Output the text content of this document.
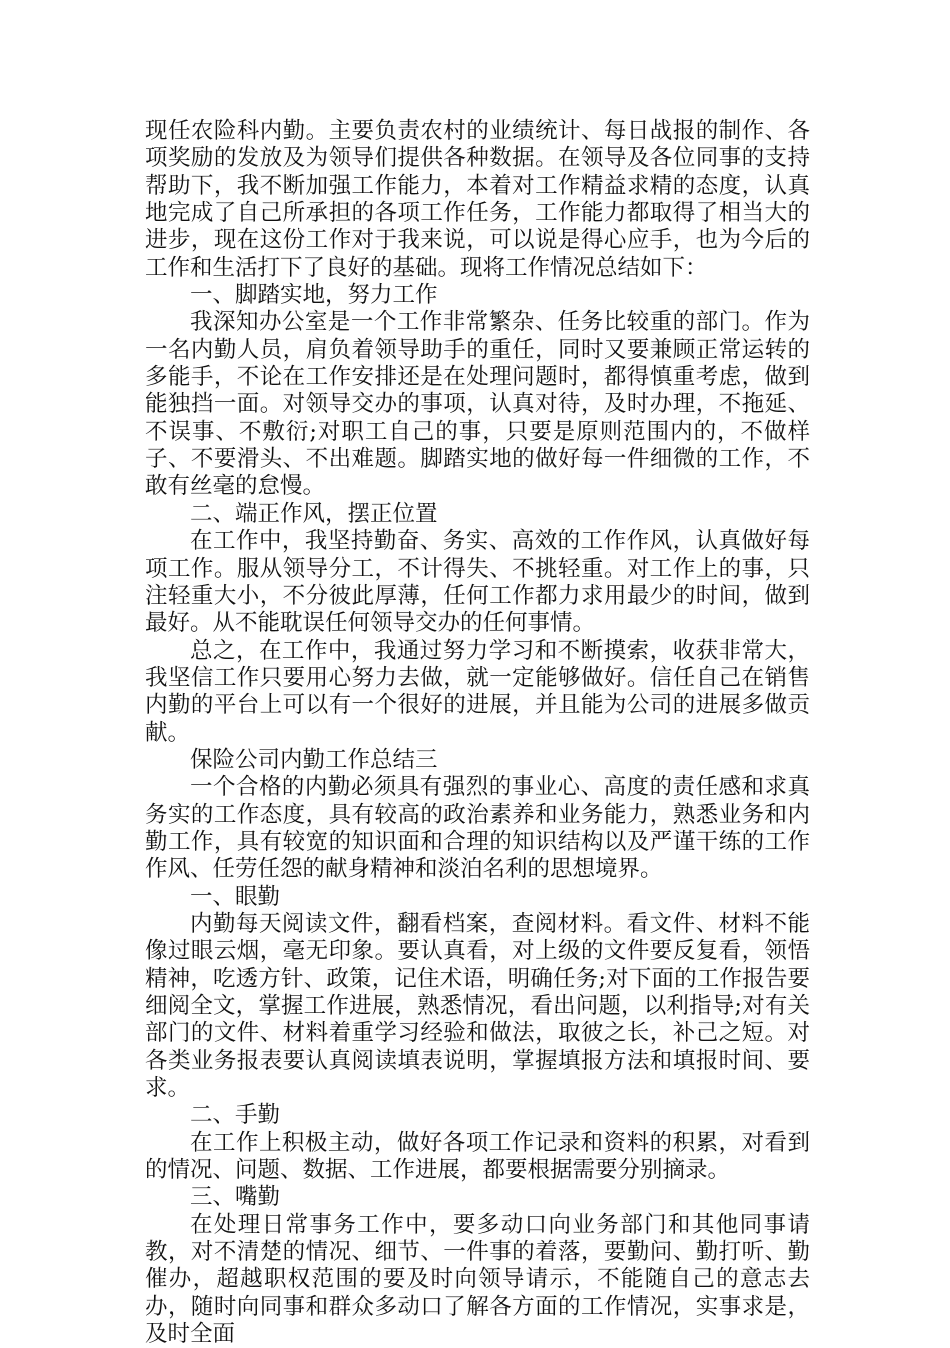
现任农险科内勤。主要负责农村的业绩统计、每日战报的制作、各项奖励的发放及为领导们提供各种数据。在领导及各位同事的支持帮助下，我不断加强工作能力，本着对工作精益求精的态度，认真地完成了自己所承担的各项工作任务，工作能力都取得了相当大的进步，现在这份工作对于我来说，可以说是得心应手，也为今后的工作和生活打下了良好的基础。现将工作情况总结如下：

一、脚踏实地，努力工作

我深知办公室是一个工作非常繁杂、任务比较重的部门。作为一名内勤人员，肩负着领导助手的重任，同时又要兼顾正常运转的多能手，不论在工作安排还是在处理问题时，都得慎重考虑，做到能独挡一面。对领导交办的事项，认真对待，及时办理，不拖延、不误事、不敷衍;对职工自己的事，只要是原则范围内的，不做样子、不要滑头、不出难题。脚踏实地的做好每一件细微的工作，不敢有丝毫的怠慢。

二、端正作风，摆正位置

在工作中，我坚持勤奋、务实、高效的工作作风，认真做好每项工作。服从领导分工，不计得失、不挑轻重。对工作上的事，只注轻重大小，不分彼此厚薄，任何工作都力求用最少的时间，做到最好。从不能耽误任何领导交办的任何事情。

总之，在工作中，我通过努力学习和不断摸索，收获非常大，我坚信工作只要用心努力去做，就一定能够做好。信任自己在销售内勤的平台上可以有一个很好的进展，并且能为公司的进展多做贡献。

保险公司内勤工作总结三

一个合格的内勤必须具有强烈的事业心、高度的责任感和求真务实的工作态度，具有较高的政治素养和业务能力，熟悉业务和内勤工作，具有较宽的知识面和合理的知识结构以及严谨干练的工作作风、任劳任怨的献身精神和淡泊名利的思想境界。

一、眼勤

内勤每天阅读文件，翻看档案，查阅材料。看文件、材料不能像过眼云烟，毫无印象。要认真看，对上级的文件要反复看，领悟精神，吃透方针、政策，记住术语，明确任务;对下面的工作报告要细阅全文，掌握工作进展，熟悉情况，看出问题，以利指导;对有关部门的文件、材料着重学习经验和做法，取彼之长，补己之短。对各类业务报表要认真阅读填表说明，掌握填报方法和填报时间、要求。

二、手勤

在工作上积极主动，做好各项工作记录和资料的积累，对看到的情况、问题、数据、工作进展，都要根据需要分别摘录。

三、嘴勤

在处理日常事务工作中，要多动口向业务部门和其他同事请教，对不清楚的情况、细节、一件事的着落，要勤问、勤打听、勤催办，超越职权范围的要及时向领导请示，不能随自己的意志去办，随时向同事和群众多动口了解各方面的工作情况，实事求是，及时全面
